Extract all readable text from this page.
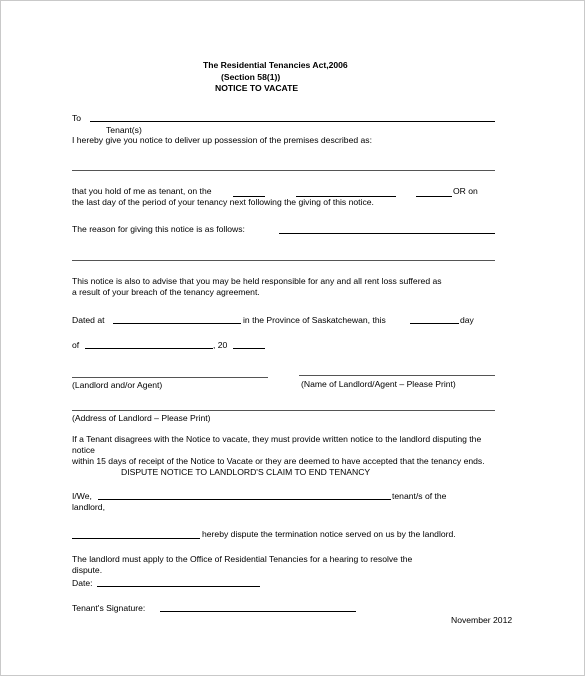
The Residential Tenancies Act,2006
(Section 58(1))
NOTICE TO VACATE
To
Tenant(s)
I hereby give you notice to deliver up possession of the premises described as:
that you hold of me as tenant, on the	OR on
the last day of the period of your tenancy next following the giving of this notice.
The reason for giving this notice is as follows:
This notice is also to advise that you may be held responsible for any and all rent loss suffered as
a result of your breach of the tenancy agreement.
Dated at	in the Province of Saskatchewan, this	day
of	, 20
(Landlord and/or Agent)	(Name of Landlord/Agent – Please Print)
(Address of Landlord – Please Print)
If a Tenant disagrees with the Notice to vacate, they must provide written notice to the landlord disputing the
notice
within 15 days of receipt of the Notice to Vacate or they are deemed to have accepted that the tenancy ends.
DISPUTE NOTICE TO LANDLORD'S CLAIM TO END TENANCY
I/We,	tenant/s of the
landlord,
hereby dispute the termination notice served on us by the landlord.
The landlord must apply to the Office of Residential Tenancies for a hearing to resolve the
dispute.
Date:
Tenant's Signature:
November 2012
